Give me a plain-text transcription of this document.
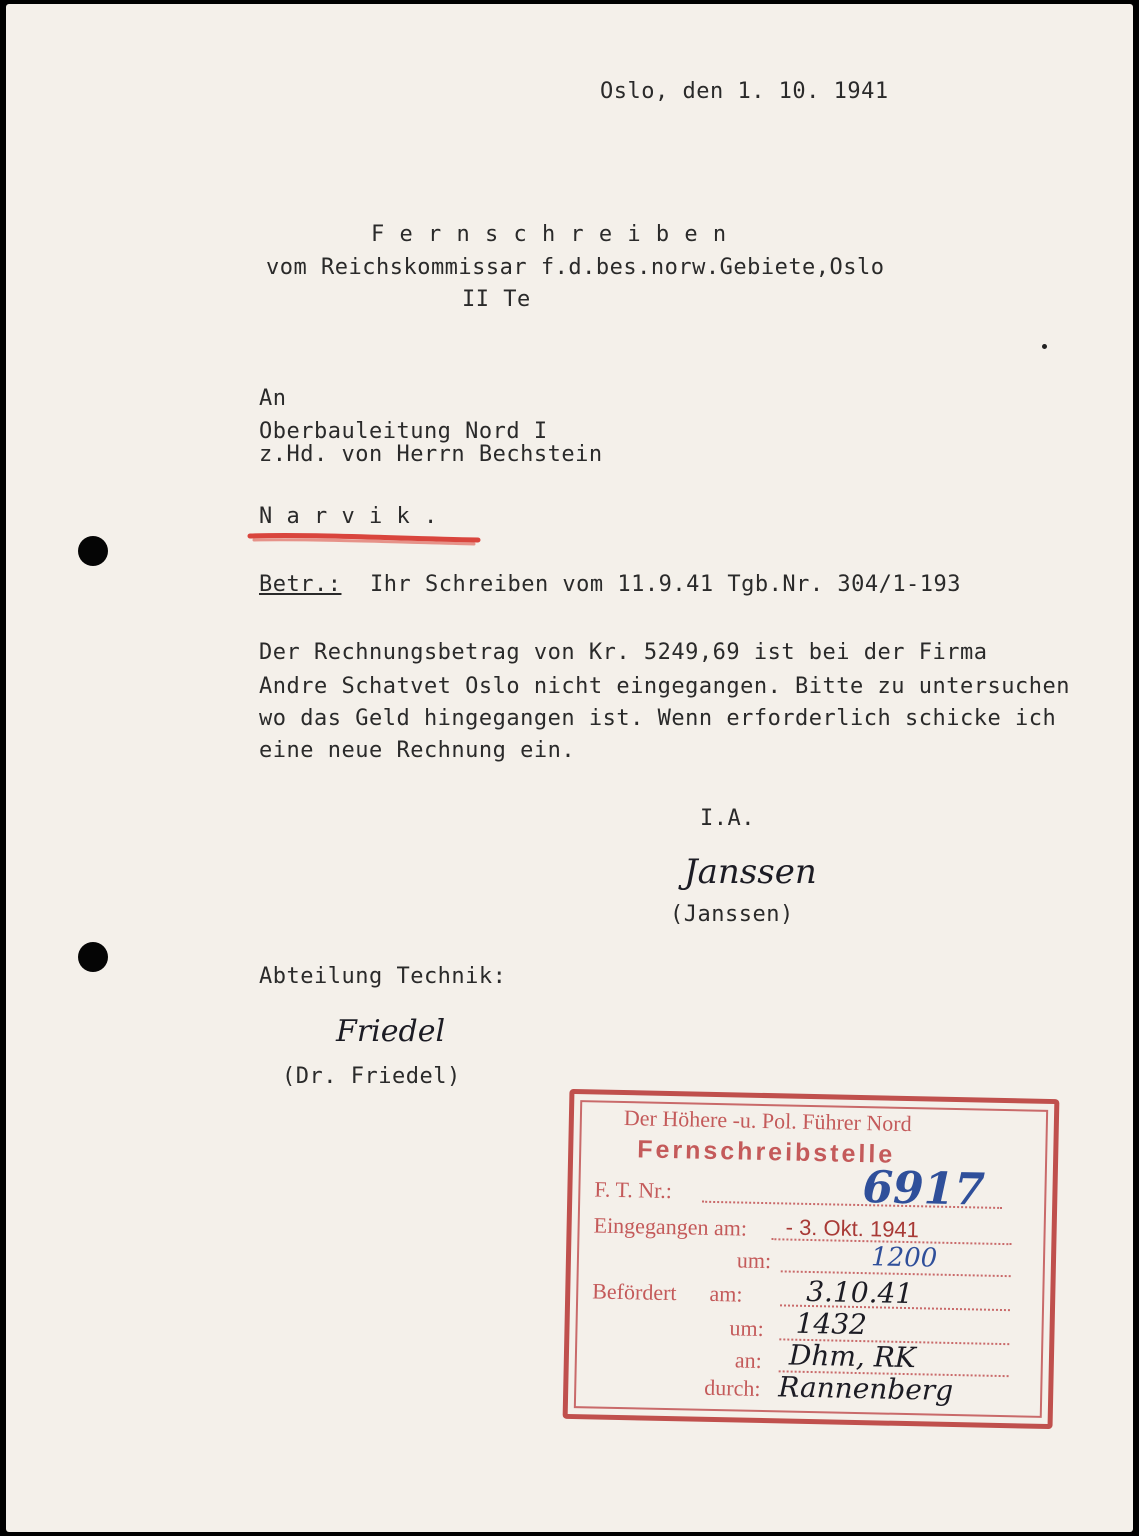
Oslo, den 1. 10. 1941
F e r n s c h r e i b e n
vom Reichskommissar f.d.bes.norw.Gebiete,Oslo
II Te
An
Oberbauleitung Nord I
z.Hd. von Herrn Bechstein
N a r v i k .
Betr.: Ihr Schreiben vom 11.9.41 Tgb.Nr. 304/1-193
Der Rechnungsbetrag von Kr. 5249,69 ist bei der Firma
Andre Schatvet Oslo nicht eingegangen. Bitte zu untersuchen
wo das Geld hingegangen ist. Wenn erforderlich schicke ich
eine neue Rechnung ein.
I.A.
Janssen
(Janssen)
Abteilung Technik:
Friedel
(Dr. Friedel)
Der Höhere -u. Pol. Führer Nord
Fernschreibstelle
F. T. Nr.:	6917
Eingegangen am: - 3. Okt. 1941
um:	1200
Befördert      am: 3.10.41
um: 1432
an: Dhm, RK
durch: Rannenberg
